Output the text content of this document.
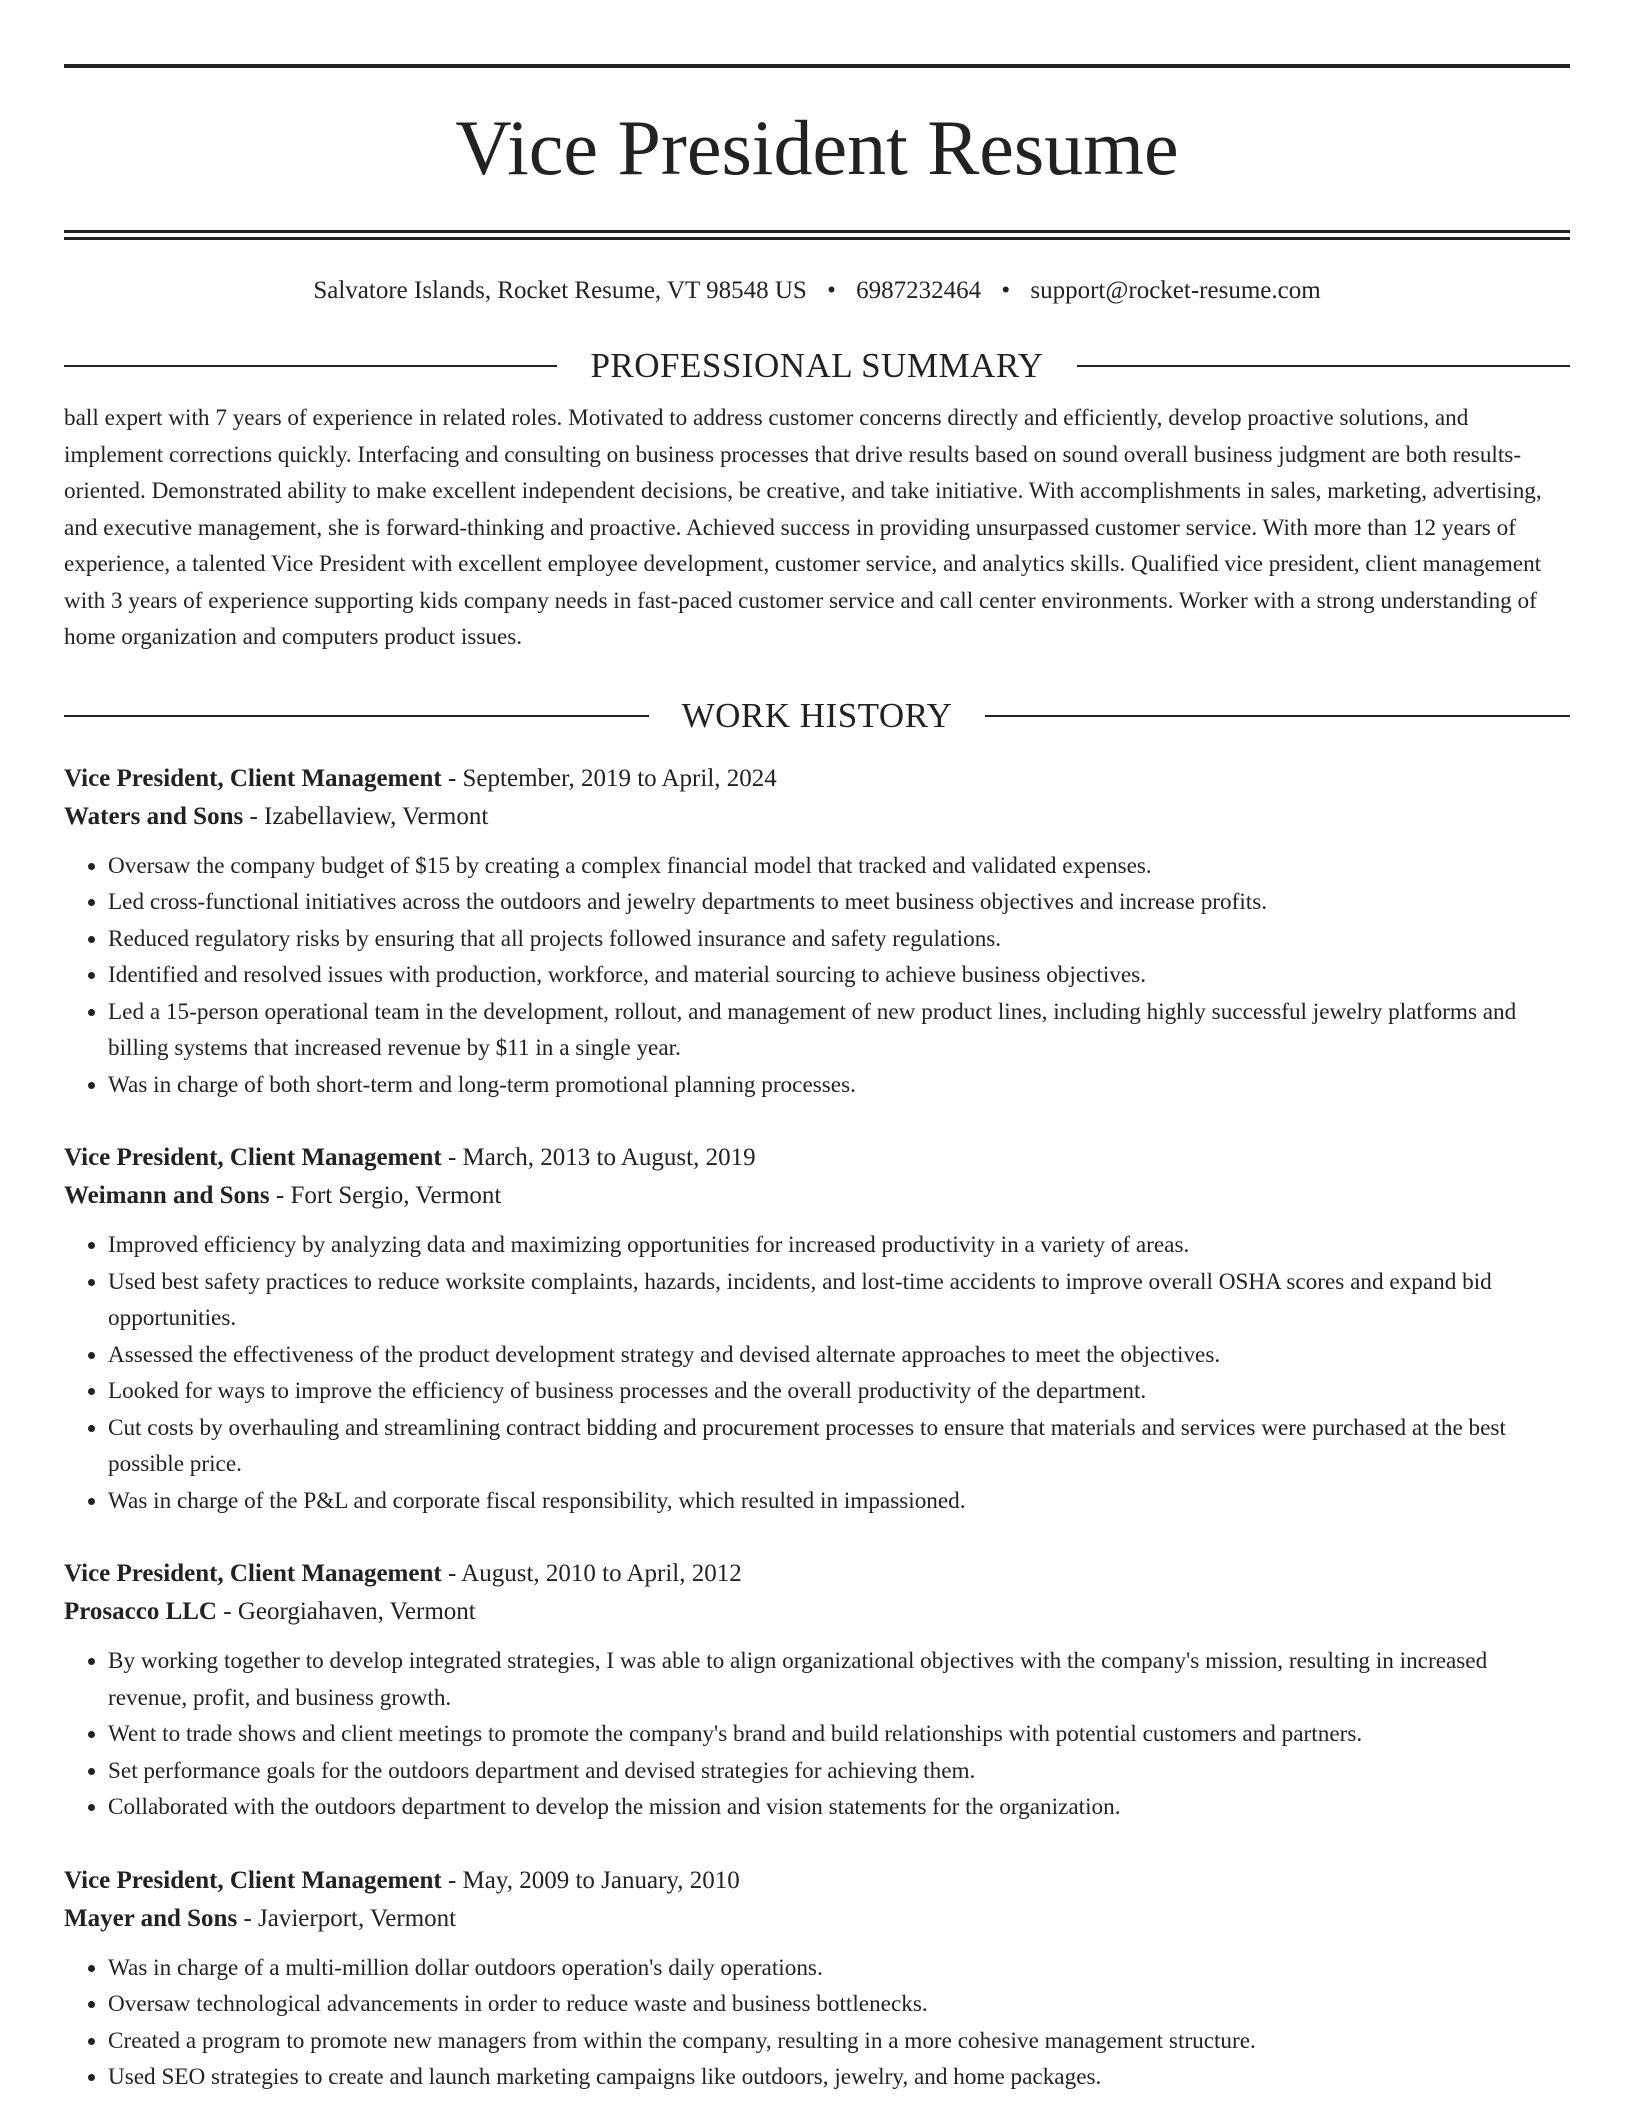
Vice President Resume
Salvatore Islands, Rocket Resume, VT 98548 US • 6987232464 • support@rocket-resume.com
PROFESSIONAL SUMMARY

ball expert with 7 years of experience in related roles. Motivated to address customer concerns directly and efficiently, develop proactive solutions, and implement corrections quickly. Interfacing and consulting on business processes that drive results based on sound overall business judgment are both results-oriented. Demonstrated ability to make excellent independent decisions, be creative, and take initiative. With accomplishments in sales, marketing, advertising, and executive management, she is forward-thinking and proactive. Achieved success in providing unsurpassed customer service. With more than 12 years of experience, a talented Vice President with excellent employee development, customer service, and analytics skills. Qualified vice president, client management with 3 years of experience supporting kids company needs in fast-paced customer service and call center environments. Worker with a strong understanding of home organization and computers product issues.

WORK HISTORY
Vice President, Client Management - September, 2019 to April, 2024
Waters and Sons - Izabellaview, Vermont
• Oversaw the company budget of $15 by creating a complex financial model that tracked and validated expenses.
• Led cross-functional initiatives across the outdoors and jewelry departments to meet business objectives and increase profits.
• Reduced regulatory risks by ensuring that all projects followed insurance and safety regulations.
• Identified and resolved issues with production, workforce, and material sourcing to achieve business objectives.
• Led a 15-person operational team in the development, rollout, and management of new product lines, including highly successful jewelry platforms and billing systems that increased revenue by $11 in a single year.
• Was in charge of both short-term and long-term promotional planning processes.
Vice President, Client Management - March, 2013 to August, 2019
Weimann and Sons - Fort Sergio, Vermont
• Improved efficiency by analyzing data and maximizing opportunities for increased productivity in a variety of areas.
• Used best safety practices to reduce worksite complaints, hazards, incidents, and lost-time accidents to improve overall OSHA scores and expand bid opportunities.
• Assessed the effectiveness of the product development strategy and devised alternate approaches to meet the objectives.
• Looked for ways to improve the efficiency of business processes and the overall productivity of the department.
• Cut costs by overhauling and streamlining contract bidding and procurement processes to ensure that materials and services were purchased at the best possible price.
• Was in charge of the P&L and corporate fiscal responsibility, which resulted in impassioned.
Vice President, Client Management - August, 2010 to April, 2012
Prosacco LLC - Georgiahaven, Vermont
• By working together to develop integrated strategies, I was able to align organizational objectives with the company's mission, resulting in increased revenue, profit, and business growth.
• Went to trade shows and client meetings to promote the company's brand and build relationships with potential customers and partners.
• Set performance goals for the outdoors department and devised strategies for achieving them.
• Collaborated with the outdoors department to develop the mission and vision statements for the organization.
Vice President, Client Management - May, 2009 to January, 2010
Mayer and Sons - Javierport, Vermont
• Was in charge of a multi-million dollar outdoors operation's daily operations.
• Oversaw technological advancements in order to reduce waste and business bottlenecks.
• Created a program to promote new managers from within the company, resulting in a more cohesive management structure.
• Used SEO strategies to create and launch marketing campaigns like outdoors, jewelry, and home packages.
